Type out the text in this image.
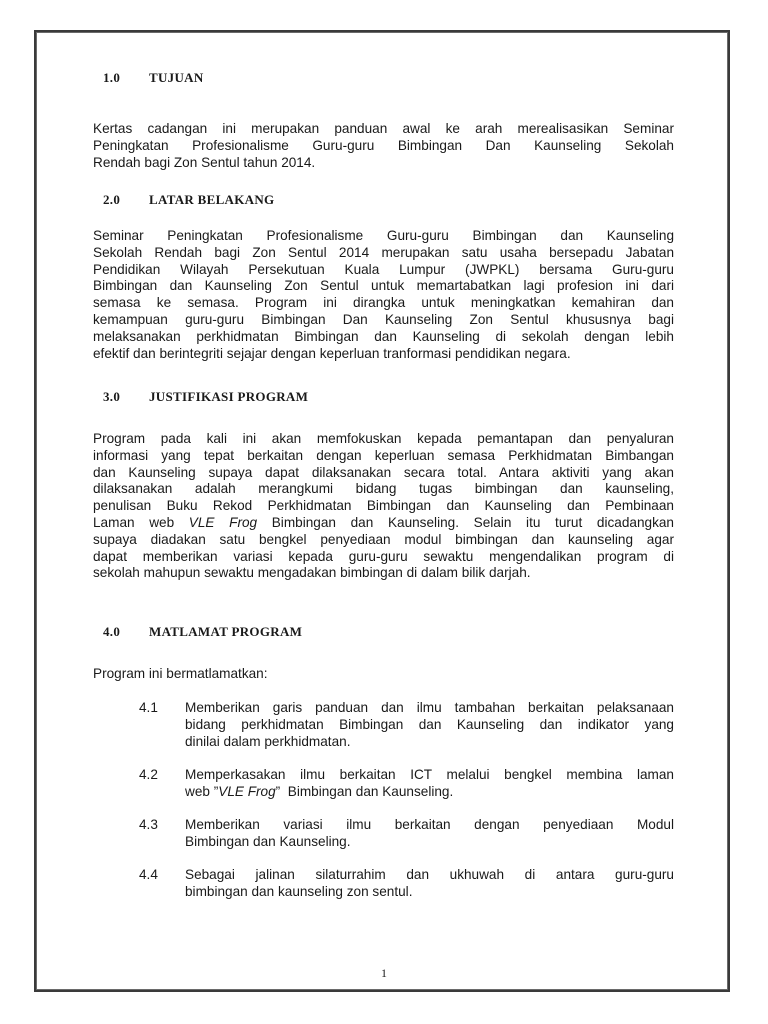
1.0 TUJUAN
Kertas cadangan ini merupakan panduan awal ke arah merealisasikan Seminar
Peningkatan Profesionalisme Guru-guru Bimbingan Dan Kaunseling Sekolah
Rendah bagi Zon Sentul tahun 2014.
2.0 LATAR BELAKANG
Seminar Peningkatan Profesionalisme Guru-guru Bimbingan dan Kaunseling
Sekolah Rendah bagi Zon Sentul 2014 merupakan satu usaha bersepadu Jabatan
Pendidikan Wilayah Persekutuan Kuala Lumpur (JWPKL) bersama Guru-guru
Bimbingan dan Kaunseling Zon Sentul untuk memartabatkan lagi profesion ini dari
semasa ke semasa. Program ini dirangka untuk meningkatkan kemahiran dan
kemampuan guru-guru Bimbingan Dan Kaunseling Zon Sentul khususnya bagi
melaksanakan perkhidmatan Bimbingan dan Kaunseling di sekolah dengan lebih
efektif dan berintegriti sejajar dengan keperluan tranformasi pendidikan negara.
3.0 JUSTIFIKASI PROGRAM
Program pada kali ini akan memfokuskan kepada pemantapan dan penyaluran
informasi yang tepat berkaitan dengan keperluan semasa Perkhidmatan Bimbangan
dan Kaunseling supaya dapat dilaksanakan secara total. Antara aktiviti yang akan
dilaksanakan adalah merangkumi bidang tugas bimbingan dan kaunseling,
penulisan Buku Rekod Perkhidmatan Bimbingan dan Kaunseling dan Pembinaan
Laman web VLE Frog Bimbingan dan Kaunseling. Selain itu turut dicadangkan
supaya diadakan satu bengkel penyediaan modul bimbingan dan kaunseling agar
dapat memberikan variasi kepada guru-guru sewaktu mengendalikan program di
sekolah mahupun sewaktu mengadakan bimbingan di dalam bilik darjah.
4.0 MATLAMAT PROGRAM
Program ini bermatlamatkan:
4.1 Memberikan garis panduan dan ilmu tambahan berkaitan pelaksanaan
bidang perkhidmatan Bimbingan dan Kaunseling dan indikator yang
dinilai dalam perkhidmatan.
4.2 Memperkasakan ilmu berkaitan ICT melalui bengkel membina laman
web ”VLE Frog”  Bimbingan dan Kaunseling.
4.3 Memberikan variasi ilmu berkaitan dengan penyediaan Modul
Bimbingan dan Kaunseling.
4.4 Sebagai jalinan silaturrahim dan ukhuwah di antara guru-guru
bimbingan dan kaunseling zon sentul.
1
